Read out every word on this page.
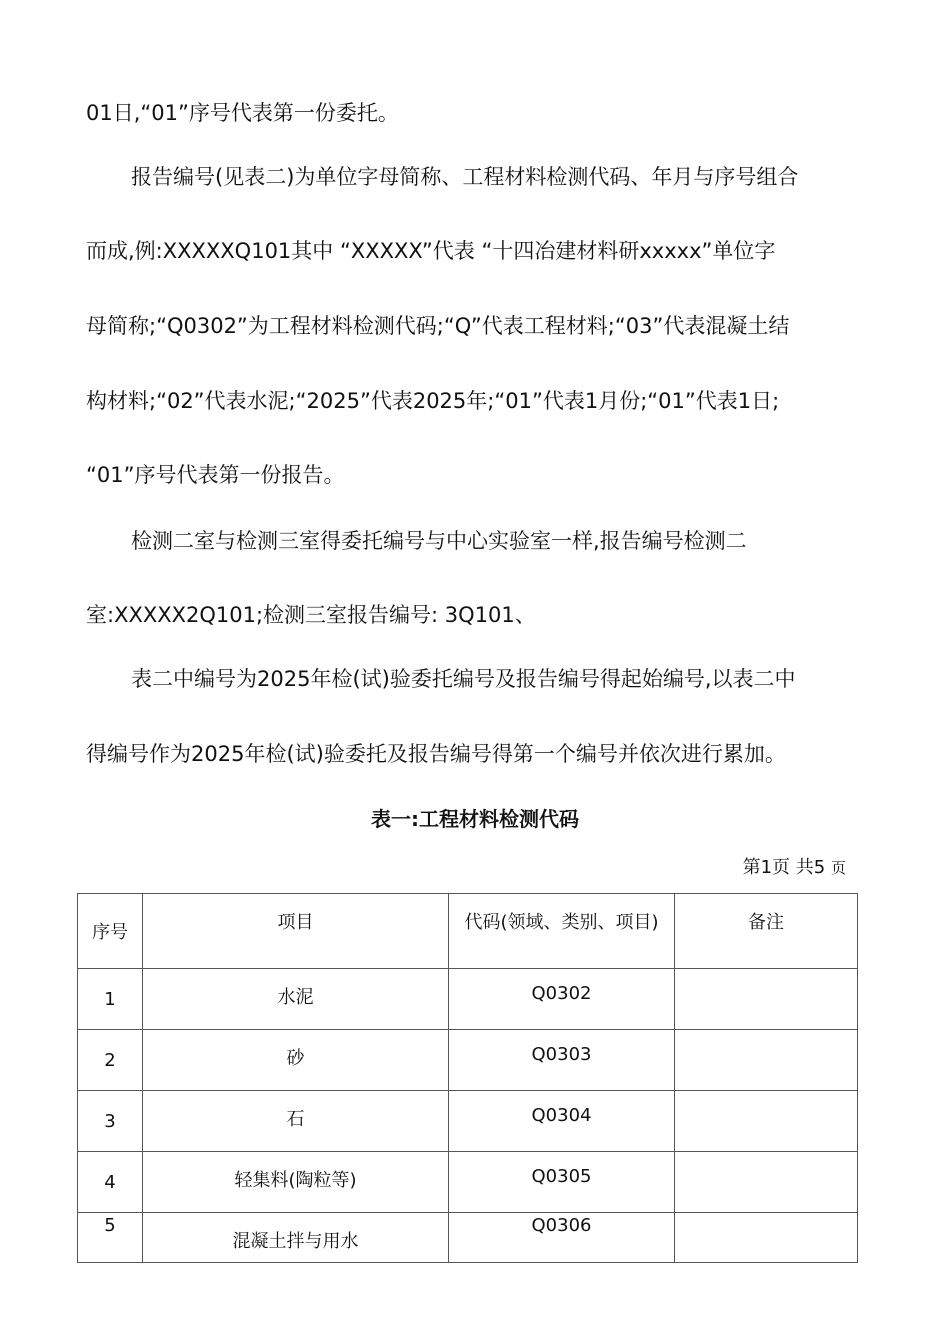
01日,“01”序号代表第一份委托。

报告编号(见表二)为单位字母简称、工程材料检测代码、年月与序号组合

而成,例:XXXXXQ101其中 “XXXXX”代表 “十四冶建材料研xxxxx”单位字

母简称;“Q0302”为工程材料检测代码;“Q”代表工程材料;“03”代表混凝土结

构材料;“02”代表水泥;“2025”代表2025年;“01”代表1月份;“01”代表1日;

“01”序号代表第一份报告。

检测二室与检测三室得委托编号与中心实验室一样,报告编号检测二

室:XXXXX2Q101;检测三室报告编号: 3Q101、

表二中编号为2025年检(试)验委托编号及报告编号得起始编号,以表二中

得编号作为2025年检(试)验委托及报告编号得第一个编号并依次进行累加。

表一:工程材料检测代码
第1页 共5 页
序号	项目	代码(领域、类别、项目)	备注

1	水泥	Q0302	

2	砂	Q0303	

3	石	Q0304	

4	轻集料(陶粒等)	Q0305	

5	混凝土拌与用水	Q0306	
